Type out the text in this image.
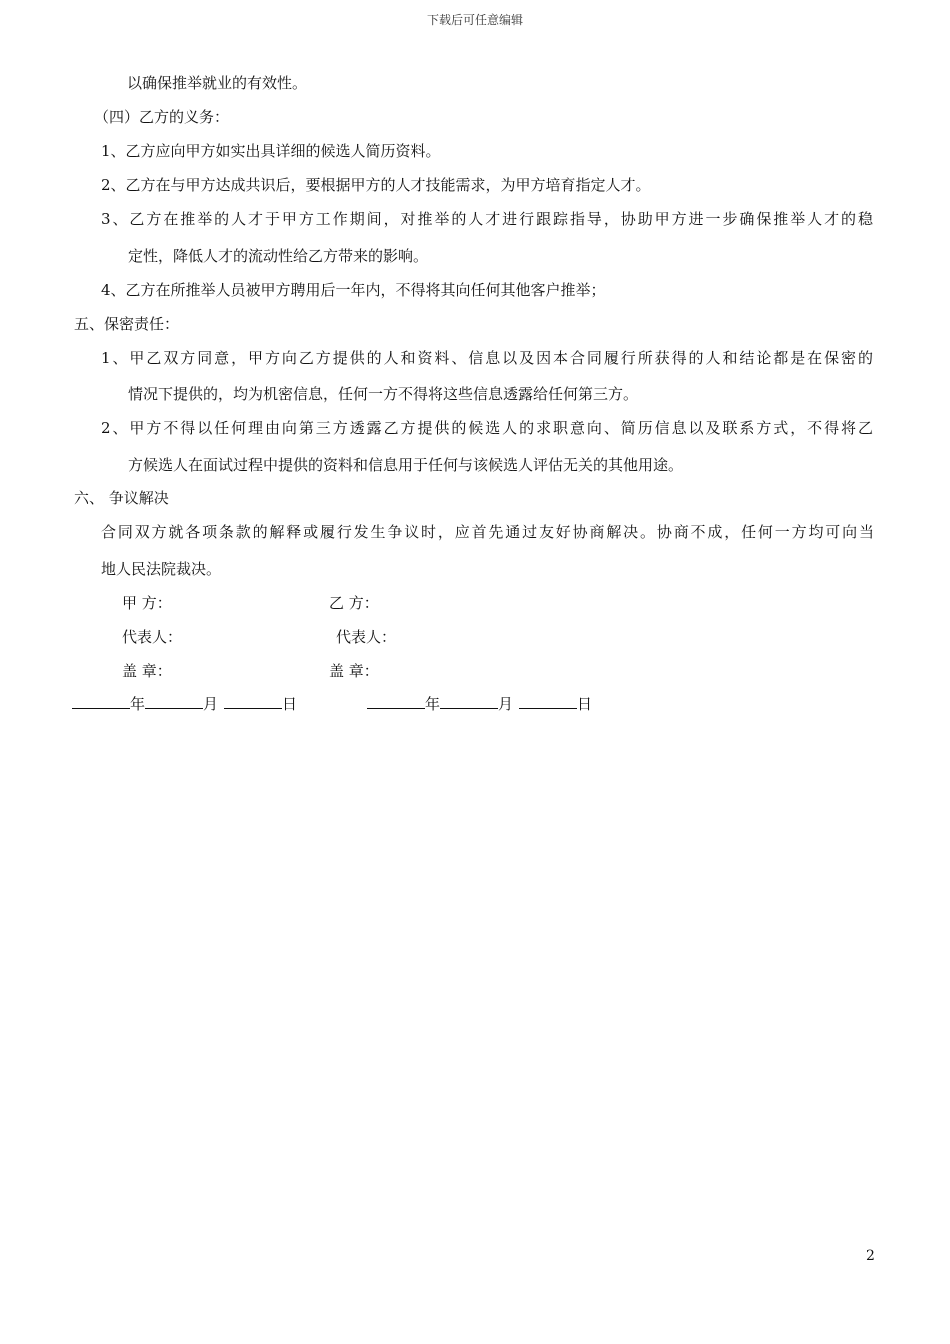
下载后可任意编辑
以确保推举就业的有效性。
（四）乙方的义务：
1、乙方应向甲方如实出具详细的候选人简历资料。
2、乙方在与甲方达成共识后，要根据甲方的人才技能需求，为甲方培育指定人才。
3、乙方在推举的人才于甲方工作期间，对推举的人才进行跟踪指导，协助甲方进一步确保推举人才的稳
定性，降低人才的流动性给乙方带来的影响。
4、乙方在所推举人员被甲方聘用后一年内，不得将其向任何其他客户推举；
五、保密责任：
1、甲乙双方同意，甲方向乙方提供的人和资料、信息以及因本合同履行所获得的人和结论都是在保密的
情况下提供的，均为机密信息，任何一方不得将这些信息透露给任何第三方。
2、甲方不得以任何理由向第三方透露乙方提供的候选人的求职意向、简历信息以及联系方式，不得将乙
方候选人在面试过程中提供的资料和信息用于任何与该候选人评估无关的其他用途。
六、 争议解决
合同双方就各项条款的解释或履行发生争议时，应首先通过友好协商解决。协商不成，任何一方均可向当
地人民法院裁决。
甲 方：	乙 方：
代表人：	代表人：
盖 章：	盖 章：
年	月	日	年	月	日
2
